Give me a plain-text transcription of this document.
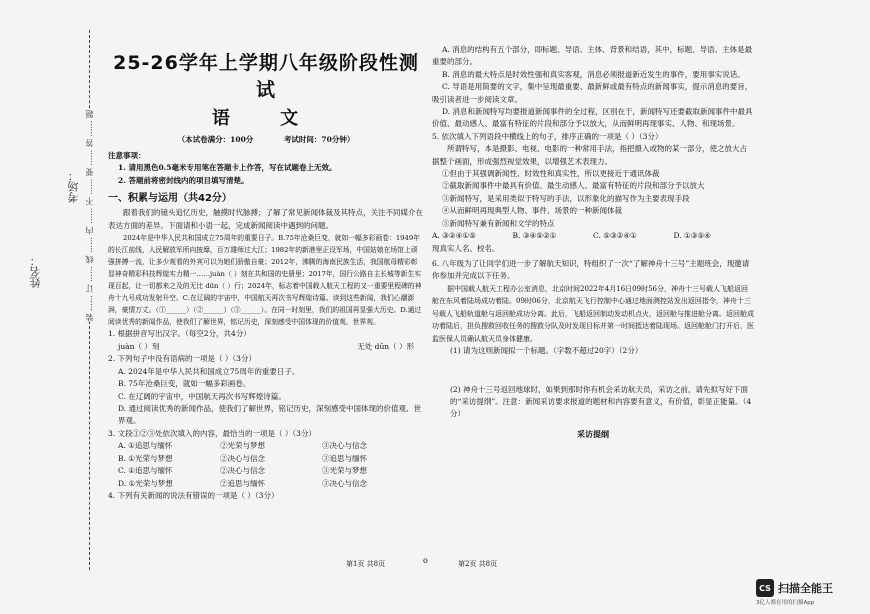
考场：
姓名：	装 …… 订 …… 线 …… 内 …… 不 …… 要 …… 答 …… 题
25-26学年上学期八年级阶段性测试
语 文
（本试卷满分：100分	考试时间：70分钟）

注意事项：

1. 请用黑色0.5毫米专用笔在答题卡上作答，写在试题卷上无效。

2. 答题前将密封线内的项目填写清楚。

一、积累与运用（共42分）

跟着我们的镜头追忆历史，触摸时代脉搏；了解了常见新闻体裁及其特点，关注不同媒介在表达方面的差异。下面请和小语一起，完成新闻阅读中遇到的问题。

2024年是中华人民共和国成立75周年的重要日子。B.75年沧桑巨变，就如一幅多彩画卷：1949年的长江前线，人民解放军所向披靡，百万雄师过大江；1982年的新港里正设军场，中国姑娘在场馆上顽强拼搏一流，让多少观看的外宾可以为她们骄傲自豪；2012年，沸腾的海南民族生活，我国航母精彩彰显神奇精彩科技辉煌实力精一……juàn（ ）刻在共和国的史册里；2017年，国行公路自主长城等新生实现百起，让一切都来之及的无比 dūn（ ）行；2024年，标志着中国载人航天工程的又一重要里程碑的神舟十九号成功发射升空。C.在辽阔的宇宙中，中国航天再次书写辉煌诗篇。读到这些新闻，我们心潮澎湃，豪情万丈。（①______）（②______）（③______）。在同一时刻里，我们的祖国再显强大历史。D.通过阅读优秀的新闻作品，使我们了解世界，铭记历史，深刻感受中国体现的价值观、世界观。

1. 根据拼音写出汉字。（每空2分，共4分）

juàn（ ）刻	无处 dūn（ ）形

2. 下列句子中没有语病的一项是（ ）（3分）

A. 2024年是中华人民共和国成立75周年的重要日子。

B. 75年沧桑巨变，就如一幅多彩画卷。

C. 在辽阔的宇宙中，中国航天再次书写辉煌诗篇。

D. 通过阅读优秀的新闻作品，使我们了解世界，铭记历史，深刻感受中国体现的价值观、世界观。

3. 文段①②③处依次填入的内容，最恰当的一项是（ ）（3分）

A. ①追思与缅怀	②光荣与梦想	③决心与信念
B. ①光荣与梦想	②决心与信念	③追思与缅怀
C. ①追思与缅怀	②决心与信念	③光荣与梦想
D. ①光荣与梦想	②追思与缅怀	③决心与信念

4. 下列有关新闻的说法有错误的一项是（ ）（3分）

A. 消息的结构有五个部分，即标题、导语、主体、背景和结语，其中，标题、导语、主体是最重要的部分。

B. 消息的最大特点是时效性强和真实客观，消息必须报道新近发生的事件，要用事实说话。

C. 导语是用简要的文字，集中呈现最重要、最新鲜或最有特点的新闻事实，提示消息的要旨，吸引读者进一步阅读文章。

D. 消息和新闻特写均要报道新闻事件的全过程，区别在于，新闻特写还要截取新闻事件中最具价值、最动感人、最富有特征的片段和部分予以放大，从而鲜明再现事实、人物、和现场景。

5. 依次填入下列语段中横线上的句子，排序正确的一项是（ ）（3分）

所谓特写，本是摄影、电视、电影的一种常用手法，指把摄入或物的某一部分，使之放大占据整个画面，形成强烈视觉效果，以增强艺术表现力。

①但由于其强调新闻性、时效性和真实性，所以更接近于通讯体裁

②截取新闻事件中最具有价值、最生动感人、最富有特征的片段和部分予以放大

③新闻特写，是采用类似于特写的手法，以形象化的描写作为主要表现手段

④从而鲜明再现典型人物、事件、场景的一种新闻体裁

⑤新闻特写兼有新闻和文学的特点

A. ③②④①⑤	B. ③④⑤②①	C. ⑤③②④①	D. ①③⑤④

现真实人名、校名。

6. 八年级为了让同学们进一步了解航天知识，特组织了一次“了解神舟十三号”主题班会，现邀请你参加并完成以下任务。

据中国载人航天工程办公室消息，北京时间2022年4月16日09时56分，神舟十三号载人飞船返回舱在东风着陆场成功着陆。09时06分，北京航天飞行控制中心通过地面测控站发出返回指令，神舟十三号载人飞船轨道舱与返回舱成功分离。此后，飞船返回制动发动机点火，返回舱与推进舱分离。返回舱成功着陆后，担负搜救回收任务的搜救分队及时发现目标并第一时间抵达着陆现场。返回舱舱门打开后，医监医保人员确认航天员身体健康。

(1) 请为这则新闻拟一个标题。（字数不超过20字）（2分）

(2) 神舟十三号返回地球时，如果到那时你有机会采访航天员，采访之前，请先拟写好下面的“采访提纲”。注意：新闻采访要求报道的题材和内容要有意义，有价值，彰显正能量。（4分）

采访提纲
第1页 共8页	o	第2页 共8页
CS 扫描全能王
3亿人都在用的扫描App
